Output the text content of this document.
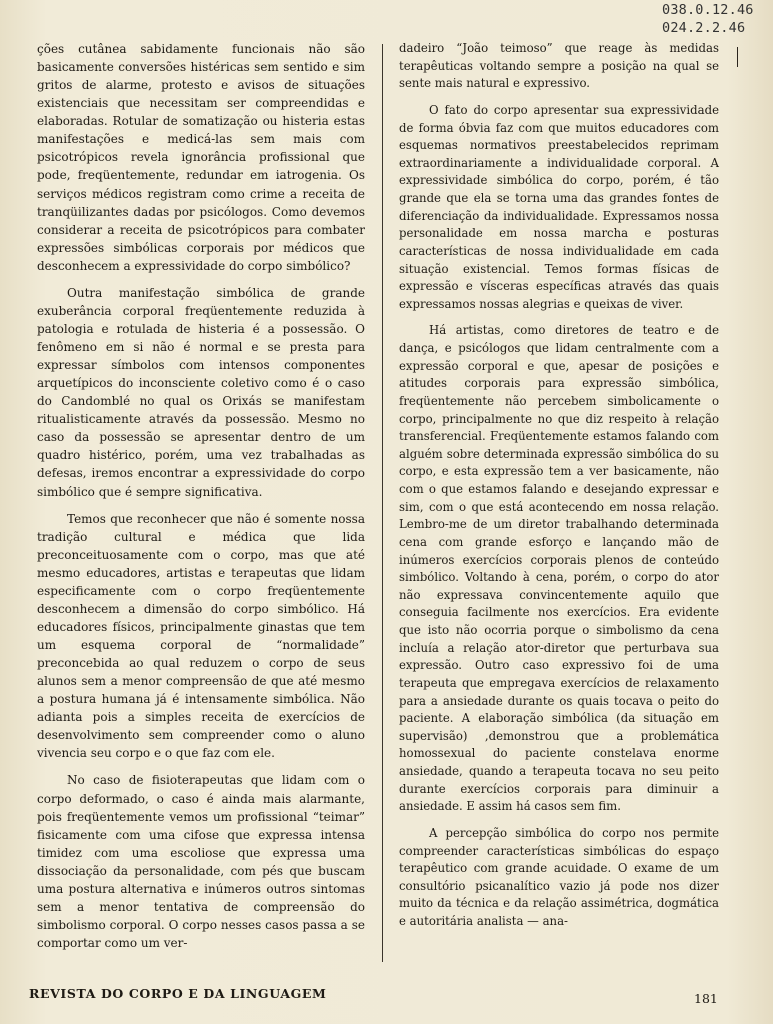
038.0.12.46
024.2.2.46

ções cutânea sabidamente funcionais não são basicamente conversões histéricas sem sentido e sim gritos de alarme, protesto e avisos de situações existenciais que necessitam ser compreendidas e elaboradas. Rotular de somatização ou histeria estas manifestações e medicá-las sem mais com psicotrópicos revela ignorância profissional que pode, freqüentemente, redundar em iatrogenia. Os serviços médicos registram como crime a receita de tranqüilizantes dadas por psicólogos. Como devemos considerar a receita de psicotrópicos para combater expressões simbólicas corporais por médicos que desconhecem a expressividade do corpo simbólico?

Outra manifestação simbólica de grande exuberância corporal freqüentemente reduzida à patologia e rotulada de histeria é a possessão. O fenômeno em si não é normal e se presta para expressar símbolos com intensos componentes arquetípicos do inconsciente coletivo como é o caso do Candomblé no qual os Orixás se manifestam ritualisticamente através da possessão. Mesmo no caso da possessão se apresentar dentro de um quadro histérico, porém, uma vez trabalhadas as defesas, iremos encontrar a expressividade do corpo simbólico que é sempre significativa.

Temos que reconhecer que não é somente nossa tradição cultural e médica que lida preconceituosamente com o corpo, mas que até mesmo educadores, artistas e terapeutas que lidam especificamente com o corpo freqüentemente desconhecem a dimensão do corpo simbólico. Há educadores físicos, principalmente ginastas que tem um esquema corporal de “normalidade” preconcebida ao qual reduzem o corpo de seus alunos sem a menor compreensão de que até mesmo a postura humana já é intensamente simbólica. Não adianta pois a simples receita de exercícios de desenvolvimento sem compreender como o aluno vivencia seu corpo e o que faz com ele.

No caso de fisioterapeutas que lidam com o corpo deformado, o caso é ainda mais alarmante, pois freqüentemente vemos um profissional “teimar” fisicamente com uma cifose que expressa intensa timidez com uma escoliose que expressa uma dissociação da personalidade, com pés que buscam uma postura alternativa e inúmeros outros sintomas sem a menor tentativa de compreensão do simbolismo corporal. O corpo nesses casos passa a se comportar como um ver-

dadeiro “João teimoso” que reage às medidas terapêuticas voltando sempre a posição na qual se sente mais natural e expressivo.

O fato do corpo apresentar sua expressividade de forma óbvia faz com que muitos educadores com esquemas normativos preestabelecidos reprimam extraordinariamente a individualidade corporal. A expressividade simbólica do corpo, porém, é tão grande que ela se torna uma das grandes fontes de diferenciação da individualidade. Expressamos nossa personalidade em nossa marcha e posturas características de nossa individualidade em cada situação existencial. Temos formas físicas de expressão e vísceras específicas através das quais expressamos nossas alegrias e queixas de viver.

Há artistas, como diretores de teatro e de dança, e psicólogos que lidam centralmente com a expressão corporal e que, apesar de posições e atitudes corporais para expressão simbólica, freqüentemente não percebem simbolicamente o corpo, principalmente no que diz respeito à relação transferencial. Freqüentemente estamos falando com alguém sobre determinada expressão simbólica do su corpo, e esta expressão tem a ver basicamente, não com o que estamos falando e desejando expressar e sim, com o que está acontecendo em nossa relação. Lembro-me de um diretor trabalhando determinada cena com grande esforço e lançando mão de inúmeros exercícios corporais plenos de conteúdo simbólico. Voltando à cena, porém, o corpo do ator não expressava convincentemente aquilo que conseguia facilmente nos exercícios. Era evidente que isto não ocorria porque o simbolismo da cena incluía a relação ator-diretor que perturbava sua expressão. Outro caso expressivo foi de uma terapeuta que empregava exercícios de relaxamento para a ansiedade durante os quais tocava o peito do paciente. A elaboração simbólica (da situação em supervisão) ,demonstrou que a problemática homossexual do paciente constelava enorme ansiedade, quando a terapeuta tocava no seu peito durante exercícios corporais para diminuir a ansiedade. E assim há casos sem fim.

A percepção simbólica do corpo nos permite compreender características simbólicas do espaço terapêutico com grande acuidade. O exame de um consultório psicanalítico vazio já pode nos dizer muito da técnica e da relação assimétrica, dogmática e autoritária analista — ana-

REVISTA DO CORPO E DA LINGUAGEM	181
